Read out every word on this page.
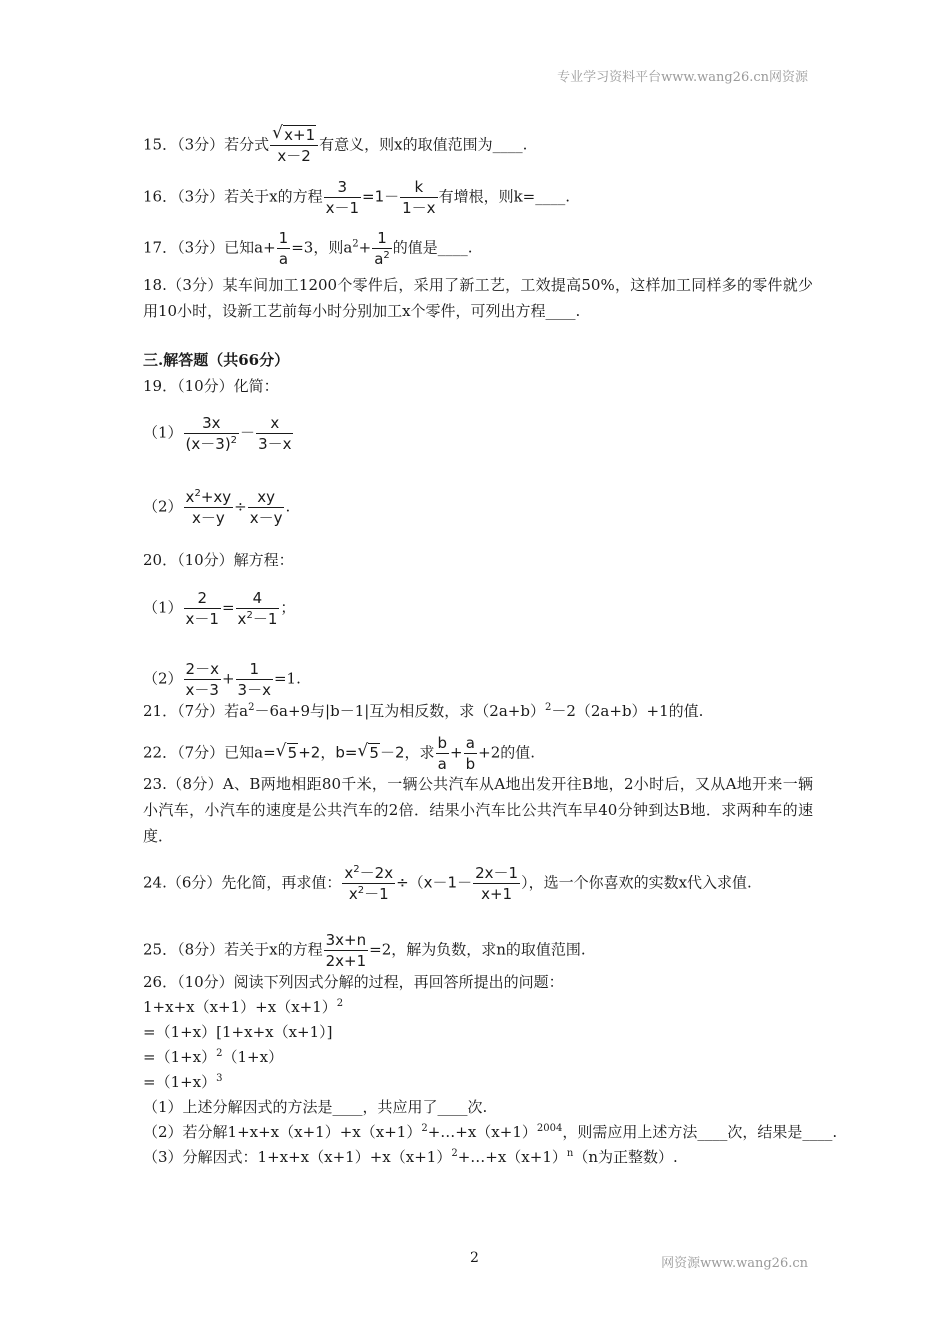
专业学习资料平台www.wang26.cn网资源
15．（3分）若分式 $\frac{√ x+1}{x-2}$ 有意义，则x的取值范围为____.
16．（3分）若关于x的方程 $\frac{3}{x-1} =1- \frac{k}{1-x}$ 有增根，则k=____.
17．（3分）已知$a+ \frac{1}{a} =3$，则$a^2+ \frac{1}{a^2}$ 的值是____.
18.（3分）某车间加工1200个零件后，采用了新工艺，工效提高50%，这样加工同样多的零件就少用10小时，设新工艺前每小时分别加工x个零件，可列出方程____.
三.解答题（共66分）
19．（10分）化简：
$(1) \frac{3x}{(x-3)^2} - \frac{x}{3-x}$
$(2) \frac{x^2+xy}{x-y} \div \frac{xy}{x-y}$ .
20．（10分）解方程：
$(1) \frac{2}{x-1} = \frac{4}{x^2-1}$ ；
$(2) \frac{2-x}{x-3} + \frac{1}{3-x} =1$.
21．（7分）若$a^2-6a+9$与|b－1|互为相反数，求$(2a+b)^2-2(2a+b)+1$的值.
22．（7分）已知a= √ 5+2，b= √ 5－2，求 $\frac{b}{a} + \frac{a}{b} +2$的值.
23.（8分）A、B两地相距80千米，一辆公共汽车从A地出发开往B地，2小时后，又从A地开来一辆小汽车，小汽车的速度是公共汽车的2倍．结果小汽车比公共汽车早40分钟到达B地．求两种车的速度．
24.（6分）先化简，再求值： $\frac{x^2-2x}{x^2-1} \div(x-1- \frac{2x-1}{x+1}$ ），选一个你喜欢的实数x代入求值.
25．（8分）若关于x的方程 $\frac{3x+n}{2x+1} =2$，解为负数，求n的取值范围.
26．（10分）阅读下列因式分解的过程，再回答所提出的问题：
$1+x+x(x+1)+x(x+1)^2$
=（1+x）[1+x+x（x+1）]
$=(1+x)^2(1+x)$
$=(1+x)^3$
（1）上述分解因式的方法是____，共应用了____次.
（2）若分解$1+x+x(x+1)+x(x+1)^2+\dots+x(x+1)^{2004}$，则需应用上述方法____次，结果是____.
（3）分解因式：$1+x+x(x+1)+x(x+1)^2+\dots+x(x+1)^n(n$为正整数）.
2	网资源www.wang26.cn
